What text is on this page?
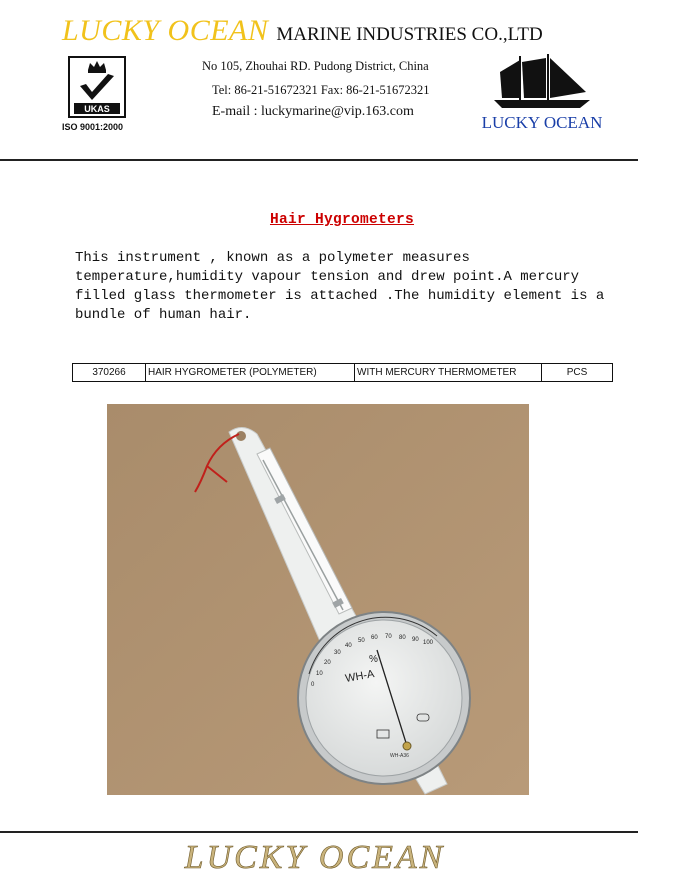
LUCKY OCEAN MARINE INDUSTRIES CO.,LTD
UKAS
ISO 9001:2000
No 105, Zhouhai RD. Pudong District, China
Tel: 86-21-51672321 Fax: 86-21-51672321
E-mail : luckymarine@vip.163.com
LUCKY OCEAN
Hair Hygrometers
This instrument , known as a polymeter measures temperature,humidity vapour tension and drew point.A mercury filled glass thermometer is attached .The humidity element is a bundle of human hair.
370266	HAIR HYGROMETER (POLYMETER)	WITH MERCURY THERMOMETER	PCS
0
10
20
30
40
50 60 70 80 90 100
%
WH-A
WH-A36
LUCKY OCEAN
